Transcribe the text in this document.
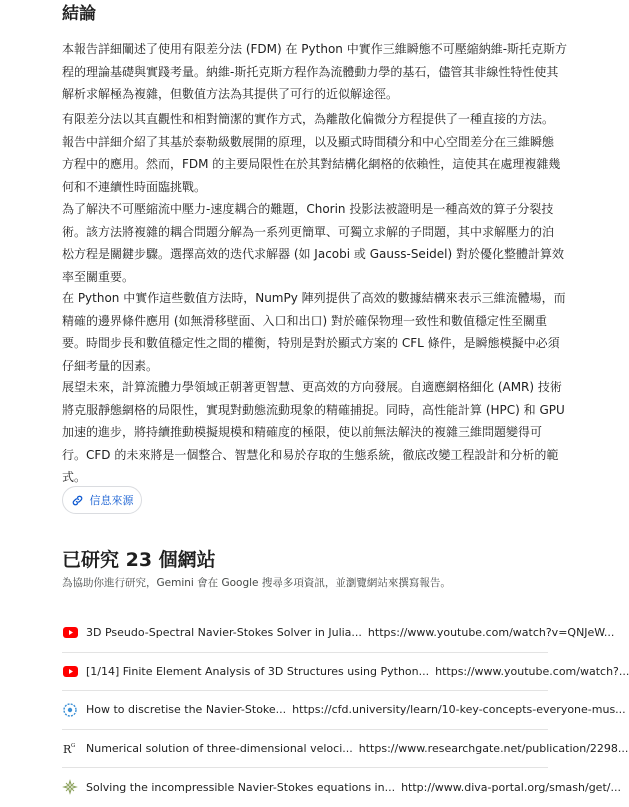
結論
本報告詳細闡述了使用有限差分法 (FDM) 在 Python 中實作三維瞬態不可壓縮納維-斯托克斯方
程的理論基礎與實踐考量。納維-斯托克斯方程作為流體動力學的基石，儘管其非線性特性使其
解析求解極為複雜，但數值方法為其提供了可行的近似解途徑。
有限差分法以其直觀性和相對簡潔的實作方式，為離散化偏微分方程提供了一種直接的方法。
報告中詳細介紹了其基於泰勒級數展開的原理，以及顯式時間積分和中心空間差分在三維瞬態
方程中的應用。然而，FDM 的主要局限性在於其對結構化網格的依賴性，這使其在處理複雜幾
何和不連續性時面臨挑戰。
為了解決不可壓縮流中壓力-速度耦合的難題，Chorin 投影法被證明是一種高效的算子分裂技
術。該方法將複雜的耦合問題分解為一系列更簡單、可獨立求解的子問題，其中求解壓力的泊
松方程是關鍵步驟。選擇高效的迭代求解器 (如 Jacobi 或 Gauss-Seidel) 對於優化整體計算效
率至關重要。
在 Python 中實作這些數值方法時，NumPy 陣列提供了高效的數據結構來表示三維流體場，而
精確的邊界條件應用 (如無滑移壁面、入口和出口) 對於確保物理一致性和數值穩定性至關重
要。時間步長和數值穩定性之間的權衡，特別是對於顯式方案的 CFL 條件，是瞬態模擬中必須
仔細考量的因素。
展望未來，計算流體力學領域正朝著更智慧、更高效的方向發展。自適應網格細化 (AMR) 技術
將克服靜態網格的局限性，實現對動態流動現象的精確捕捉。同時，高性能計算 (HPC) 和 GPU
加速的進步，將持續推動模擬規模和精確度的極限，使以前無法解決的複雜三維問題變得可
行。CFD 的未來將是一個整合、智慧化和易於存取的生態系統，徹底改變工程設計和分析的範
式。
信息來源
已研究 23 個網站
為協助你進行研究，Gemini 會在 Google 搜尋多項資訊，並瀏覽網站來撰寫報告。
3D Pseudo-Spectral Navier-Stokes Solver in Julia... https://www.youtube.com/watch?v=QNJeW...
[1/14] Finite Element Analysis of 3D Structures using Python... https://www.youtube.com/watch?...
How to discretise the Navier-Stoke... https://cfd.university/learn/10-key-concepts-everyone-mus...
R G Numerical solution of three-dimensional veloci... https://www.researchgate.net/publication/2298...
Solving the incompressible Navier-Stokes equations in... http://www.diva-portal.org/smash/get/...
